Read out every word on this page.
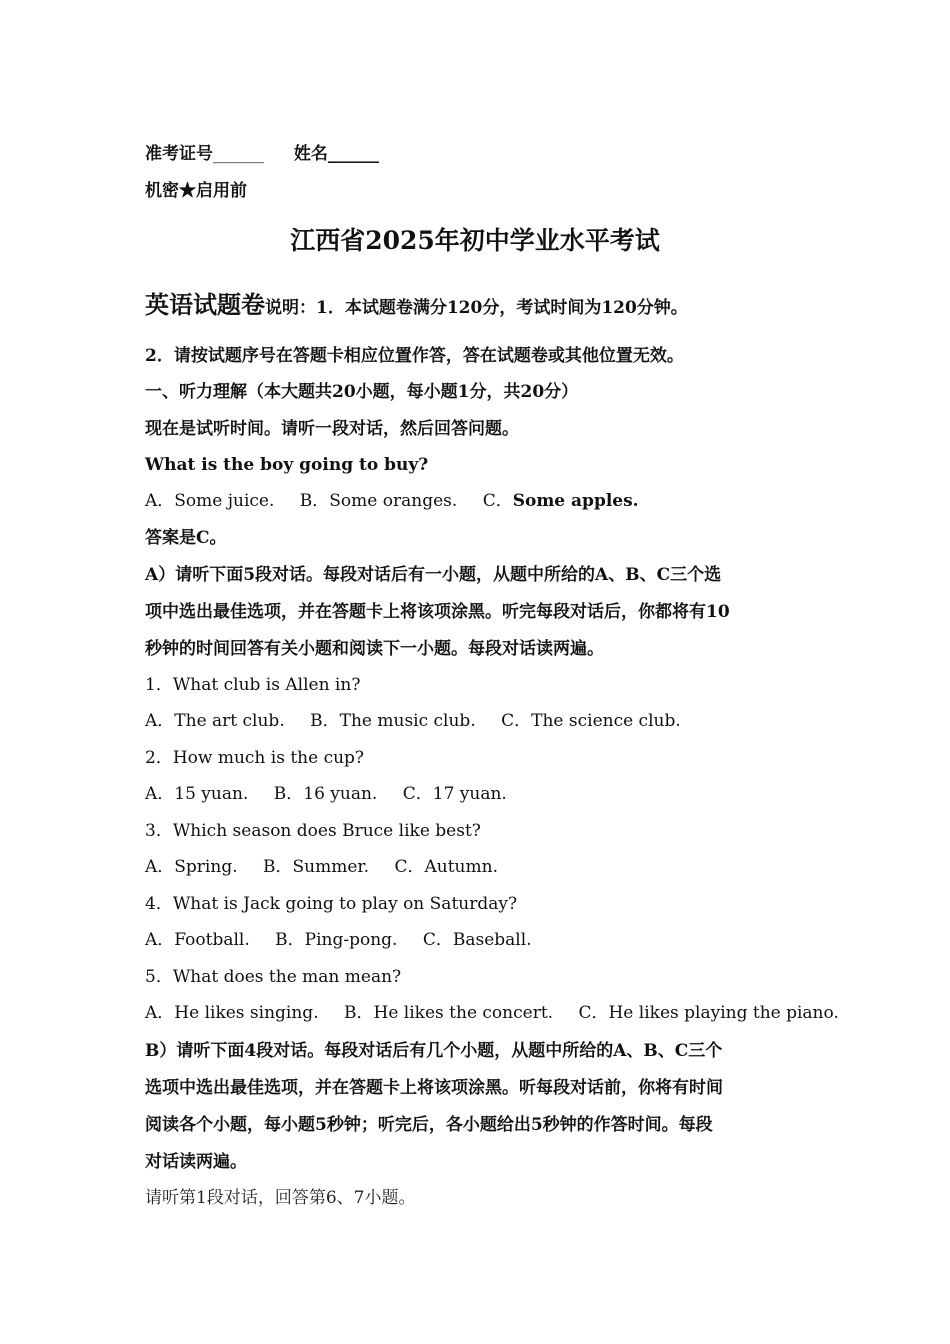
准考证号______ 姓名______
机密★启用前
江西省2025年初中学业水平考试
英语试题卷说明：1．本试题卷满分120分，考试时间为120分钟。
2．请按试题序号在答题卡相应位置作答，答在试题卷或其他位置无效。
一、听力理解（本大题共20小题，每小题1分，共20分）
现在是试听时间。请听一段对话，然后回答问题。
What is the boy going to buy?
A．Some juice. B．Some oranges. C．Some apples.
答案是C。
A）请听下面5段对话。每段对话后有一小题，从题中所给的A、B、C三个选
项中选出最佳选项，并在答题卡上将该项涂黑。听完每段对话后，你都将有10
秒钟的时间回答有关小题和阅读下一小题。每段对话读两遍。
1．What club is Allen in?
A．The art club. B．The music club. C．The science club.
2．How much is the cup?
A．15 yuan. B．16 yuan. C．17 yuan.
3．Which season does Bruce like best?
A．Spring. B．Summer. C．Autumn.
4．What is Jack going to play on Saturday?
A．Football. B．Ping-pong. C．Baseball.
5．What does the man mean?
A．He likes singing. B．He likes the concert. C．He likes playing the piano.
B）请听下面4段对话。每段对话后有几个小题，从题中所给的A、B、C三个
选项中选出最佳选项，并在答题卡上将该项涂黑。听每段对话前，你将有时间
阅读各个小题，每小题5秒钟；听完后，各小题给出5秒钟的作答时间。每段
对话读两遍。
请听第1段对话，回答第6、7小题。
